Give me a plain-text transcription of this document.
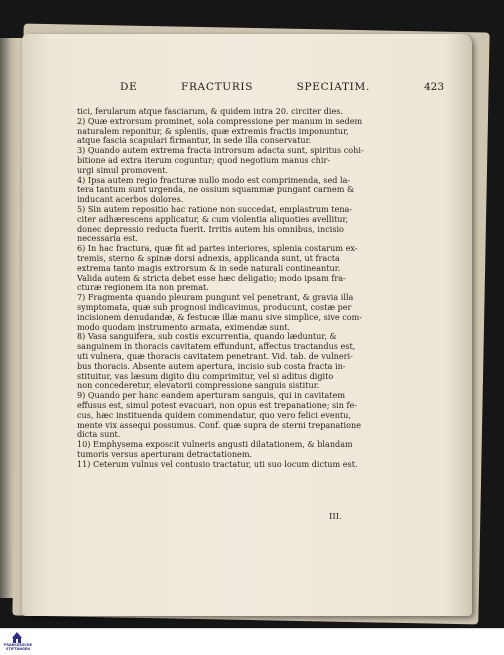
DE FRACTURIS SPECIATIM.	423
tici, ferularum atque fasciarum, & quidem intra 20. circiter dies.
2) Quæ extrorsum prominet, sola compressione per manum in sedem
naturalem reponitur, & spleniis, quæ extremis fractis imponuntur,
atque fascia scapulari firmantur, in sede illa conservatur.
3) Quando autem extrema fracta introrsum adacta sunt, spiritus cohi-
bitione ad extra iterum coguntur; quod negotium manus chir-
urgi simul promovent.
4) Ipsa autem regio fracturæ nullo modo est comprimenda, sed la-
tera tantum sunt urgenda, ne ossium squammæ pungant carnem &
inducant acerbos dolores.
5) Sin autem repositio hac ratione non succedat, emplastrum tena-
citer adhærescens applicatur, & cum violentia aliquoties avellitur,
donec depressio reducta fuerit. Irritis autem his omnibus, incisio
necessaria est.
6) In hac fractura, quæ fit ad partes interiores, splenia costarum ex-
tremis, sterno & spinæ dorsi adnexis, applicanda sunt, ut fracta
extrema tanto magis extrorsum & in sede naturali contineantur.
Valida autem & stricta debet esse hæc deligatio; modo ipsam fra-
cturæ regionem ita non premat.
7) Fragmenta quando pleuram pungunt vel penetrant, & gravia illa
symptomata, quæ sub prognosi indicavimus, producunt, costæ per
incisionem denudandæ, & festucæ illæ manu sive simplice, sive com-
modo quodam instrumento armata, eximendæ sunt.
8) Vasa sanguifera, sub costis excurrentia, quando læduntur, &
sanguinem in thoracis cavitatem effundunt, affectus tractandus est,
uti vulnera, quæ thoracis cavitatem penetrant. Vid. tab. de vulneri-
bus thoracis. Absente autem apertura, incisio sub costa fracta in-
stituitur, vas læsum digito diu comprimitur, vel si aditus digito
non concederetur, elevatorii compressione sanguis sistitur.
9) Quando per hanc eandem aperturam sanguis, qui in cavitatem
effusus est, simul potest evacuari, non opus est trepanatione; sin fe-
cus, hæc instituenda quidem commendatur, quo vero felici eventu,
mente vix assequi possumus. Conf. quæ supra de sterni trepanatione
dicta sunt.
10) Emphysema exposcit vulneris angusti dilatationem, & blandam
tumoris versus aperturam detractationem.
11) Ceterum vulnus vel contusio tractatur, uti suo locum dictum est.
III.
FRANCKESCHE STIFTUNGEN
